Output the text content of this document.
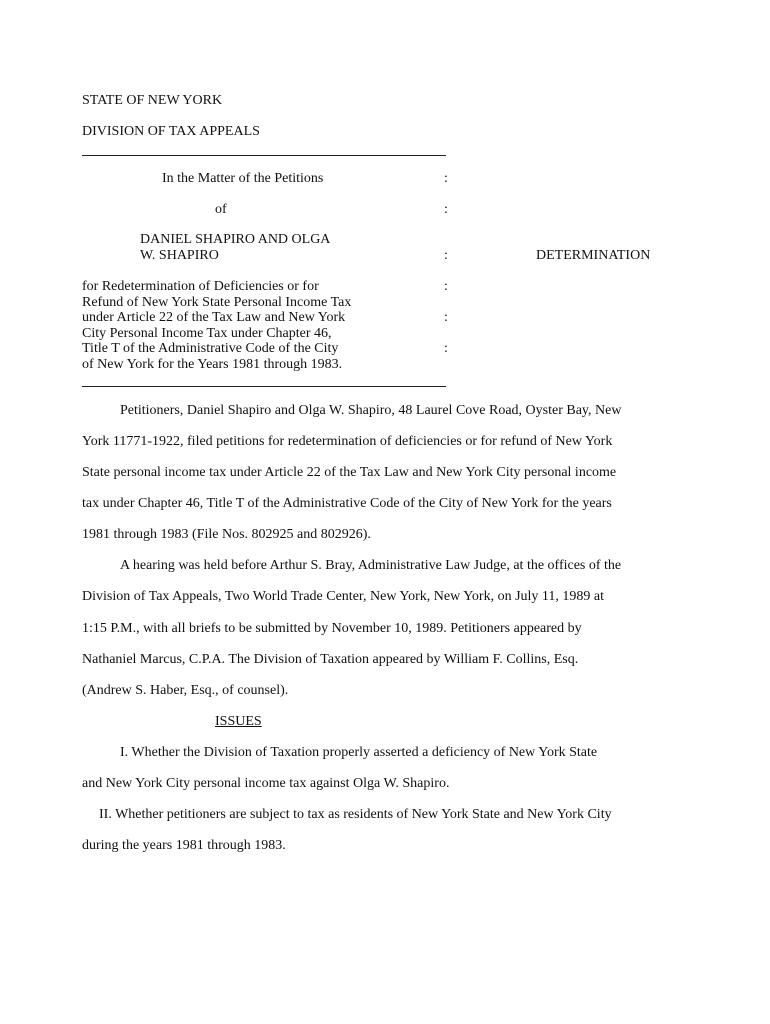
STATE OF NEW YORK
DIVISION OF TAX APPEALS
In the Matter of the Petitions
of
DANIEL SHAPIRO AND OLGA
W. SHAPIRO
for Redetermination of Deficiencies or for
Refund of New York State Personal Income Tax
under Article 22 of the Tax Law and New York
City Personal Income Tax under Chapter 46,
Title T of the Administrative Code of the City
of New York for the Years 1981 through 1983.
:
:
:
:
:
:
DETERMINATION
Petitioners, Daniel Shapiro and Olga W. Shapiro, 48 Laurel Cove Road, Oyster Bay, New
York 11771-1922, filed petitions for redetermination of deficiencies or for refund of New York
State personal income tax under Article 22 of the Tax Law and New York City personal income
tax under Chapter 46, Title T of the Administrative Code of the City of New York for the years
1981 through 1983 (File Nos. 802925 and 802926).
A hearing was held before Arthur S. Bray, Administrative Law Judge, at the offices of the
Division of Tax Appeals, Two World Trade Center, New York, New York, on July 11, 1989 at
1:15 P.M., with all briefs to be submitted by November 10, 1989. Petitioners appeared by
Nathaniel Marcus, C.P.A. The Division of Taxation appeared by William F. Collins, Esq.
(Andrew S. Haber, Esq., of counsel).
ISSUES
I. Whether the Division of Taxation properly asserted a deficiency of New York State
and New York City personal income tax against Olga W. Shapiro.
II. Whether petitioners are subject to tax as residents of New York State and New York City
during the years 1981 through 1983.
